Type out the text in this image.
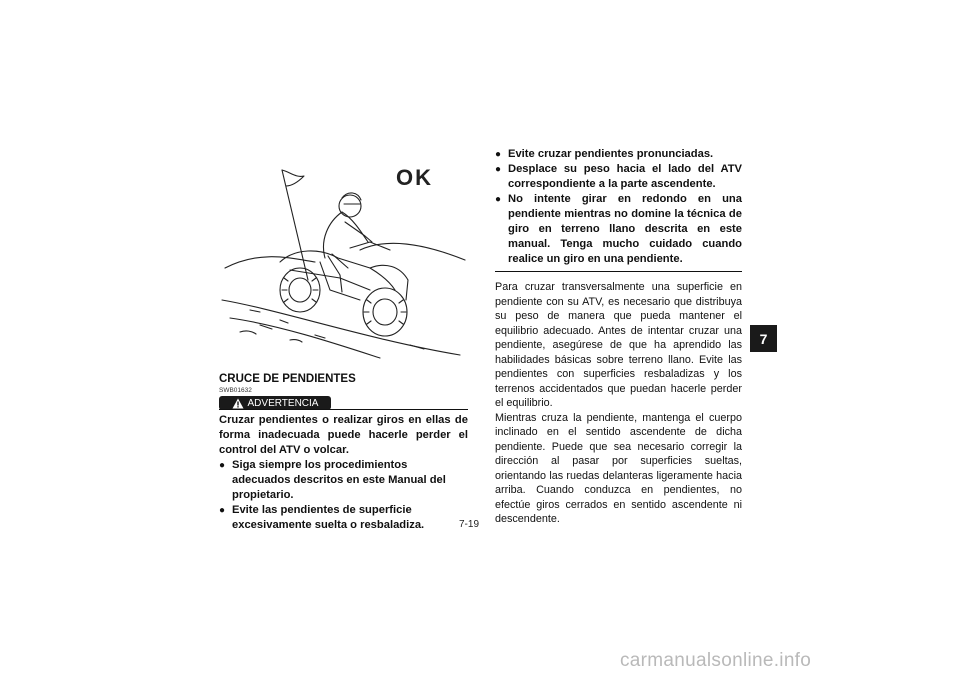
OK
CRUCE DE PENDIENTES
SWB01632
ADVERTENCIA

Cruzar pendientes o realizar giros en ellas de forma inadecuada puede hacerle perder el control del ATV o volcar.

● Siga siempre los procedimientos adecuados descritos en este Manual del propietario.
● Evite las pendientes de superficie excesivamente suelta o resbaladiza.
● Evite cruzar pendientes pronunciadas.
● Desplace su peso hacia el lado del ATV correspondiente a la parte ascendente.
● No intente girar en redondo en una pendiente mientras no domine la técnica de giro en terreno llano descrita en este manual. Tenga mucho cuidado cuando realice un giro en una pendiente.

Para cruzar transversalmente una superficie en pendiente con su ATV, es necesario que distribuya su peso de manera que pueda mantener el equilibrio adecuado. Antes de intentar cruzar una pendiente, asegúrese de que ha aprendido las habilidades básicas sobre terreno llano. Evite las pendientes con superficies resbaladizas y los terrenos accidentados que puedan hacerle perder el equilibrio.

Mientras cruza la pendiente, mantenga el cuerpo inclinado en el sentido ascendente de dicha pendiente. Puede que sea necesario corregir la dirección al pasar por superficies sueltas, orientando las ruedas delanteras ligeramente hacia arriba. Cuando conduzca en pendientes, no efectúe giros cerrados en sentido ascendente ni descendente.

7-19
7
carmanualsonline.info
